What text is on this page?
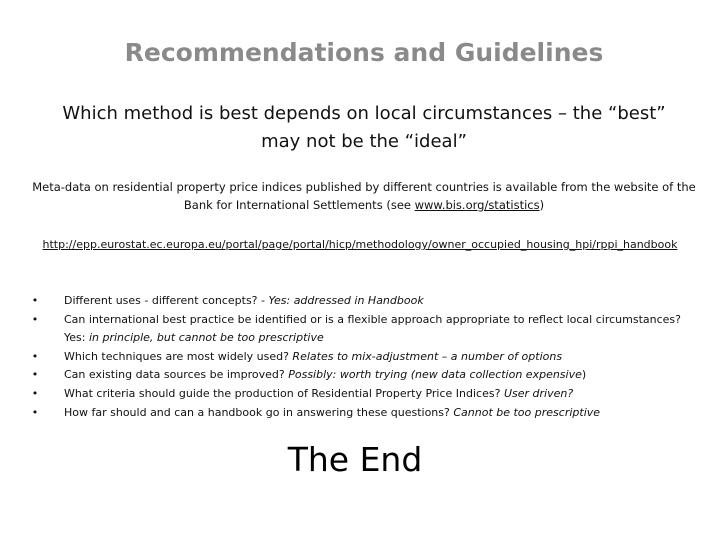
Recommendations and Guidelines
Which method is best depends on local circumstances – the “best” may not be the “ideal”
Meta-data on residential property price indices published by different countries is available from the website of the Bank for International Settlements (see www.bis.org/statistics)
http://epp.eurostat.ec.europa.eu/portal/page/portal/hicp/methodology/owner_occupied_housing_hpi/rppi_handbook
• Different uses - different concepts? - Yes: addressed in Handbook
• Can international best practice be identified or is a flexible approach appropriate to reflect local circumstances? Yes: in principle, but cannot be too prescriptive
• Which techniques are most widely used? Relates to mix-adjustment – a number of options
• Can existing data sources be improved? Possibly: worth trying (new data collection expensive)
• What criteria should guide the production of Residential Property Price Indices? User driven?
• How far should and can a handbook go in answering these questions? Cannot be too prescriptive
The End
